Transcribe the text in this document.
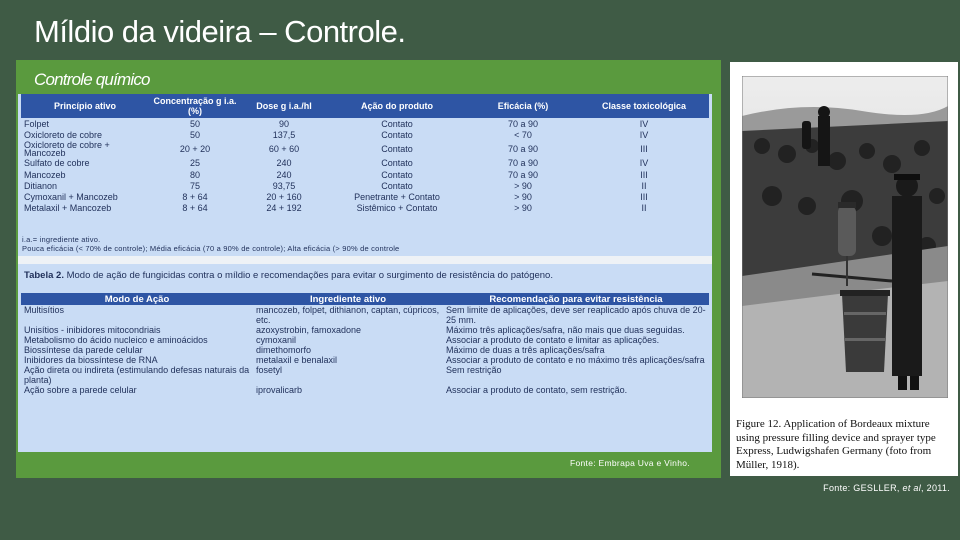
Míldio da videira – Controle.
Controle químico
Princípio ativo	Concentração g i.a. (%)	Dose g i.a./hl	Ação do produto	Eficácia (%)	Classe toxicológica
Folpet	50	90	Contato	70 a 90	IV
Oxicloreto de cobre	50	137,5	Contato	< 70	IV
Oxicloreto de cobre + Mancozeb	20 + 20	60 + 60	Contato	70 a 90	III
Sulfato de cobre	25	240	Contato	70 a 90	IV
Mancozeb	80	240	Contato	70 a 90	III
Ditianon	75	93,75	Contato	> 90	II
Cymoxanil + Mancozeb	8 + 64	20 + 160	Penetrante + Contato	> 90	III
Metalaxil + Mancozeb	8 + 64	24 + 192	Sistêmico + Contato	> 90	II
i.a.= ingrediente ativo.
Pouca eficácia (< 70% de controle); Média eficácia (70 a 90% de controle); Alta eficácia (> 90% de controle
Tabela 2. Modo de ação de fungicidas contra o míldio e recomendações para evitar o surgimento de resistência do patógeno.
Modo de Ação	Ingrediente ativo	Recomendação para evitar resistência
Multisítios	mancozeb, folpet, dithianon, captan, cúpricos, etc.	Sem limite de aplicações, deve ser reaplicado após chuva de 20-25 mm.
Unisítios - inibidores mitocondriais	azoxystrobin, famoxadone	Máximo três aplicações/safra, não mais que duas seguidas.
Metabolismo do ácido nucleico e aminoácidos	cymoxanil	Associar a produto de contato e limitar as aplicações.
Biossíntese da parede celular	dimethomorfo	Máximo de duas a três aplicações/safra
Inibidores da biossíntese de RNA	metalaxil e benalaxil	Associar a produto de contato e no máximo três aplicações/safra
Ação direta ou indireta (estimulando defesas naturais da planta)	fosetyl	Sem restrição
Ação sobre a parede celular	iprovalicarb	Associar a produto de contato, sem restrição.
Fonte: Embrapa Uva e Vinho.
Figure 12. Application of Bordeaux mixture using pressure filling device and sprayer type Express, Ludwigshafen Germany (foto from Müller, 1918).
Fonte: GESLLER, et al, 2011.
